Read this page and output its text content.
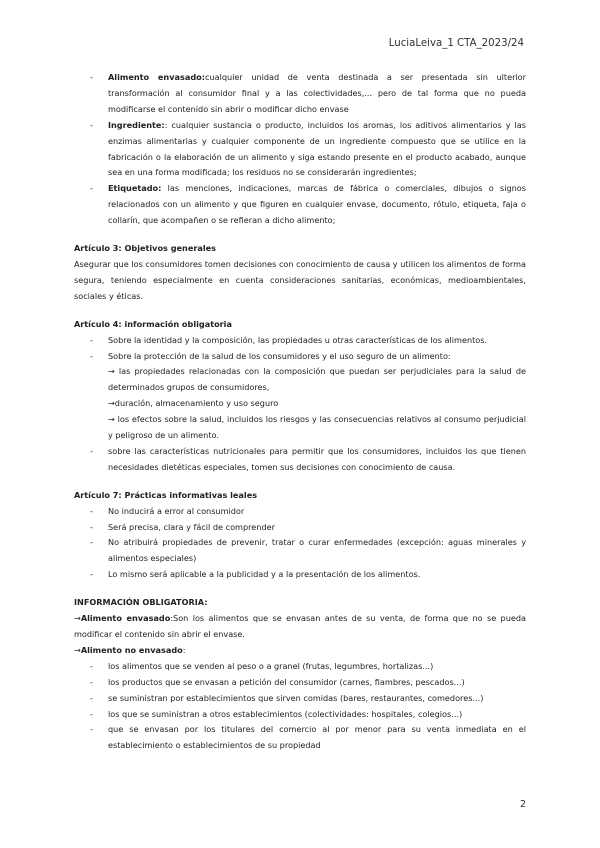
LuciaLeiva_1 CTA_2023/24
- Alimento envasado:cualquier unidad de venta destinada a ser presentada sin ulterior transformación al consumidor final y a las colectividades,... pero de tal forma que no pueda modificarse el contenido sin abrir o modificar dicho envase
- Ingrediente:: cualquier sustancia o producto, incluidos los aromas, los aditivos alimentarios y las enzimas alimentarias y cualquier componente de un ingrediente compuesto que se utilice en la fabricación o la elaboración de un alimento y siga estando presente en el producto acabado, aunque sea en una forma modificada; los residuos no se considerarán ingredientes;
- Etiquetado: las menciones, indicaciones, marcas de fábrica o comerciales, dibujos o signos relacionados con un alimento y que figuren en cualquier envase, documento, rótulo, etiqueta, faja o collarín, que acompañen o se refieran a dicho alimento;

Artículo 3: Objetivos generales

Asegurar que los consumidores tomen decisiones con conocimiento de causa y utilicen los alimentos de forma segura, teniendo especialmente en cuenta consideraciones sanitarias, económicas, medioambientales, sociales y éticas.

Artículo 4: información obligatoria

- Sobre la identidad y la composición, las propiedades u otras características de los alimentos.
- Sobre la protección de la salud de los consumidores y el uso seguro de un alimento:
→ las propiedades relacionadas con la composición que puedan ser perjudiciales para la salud de determinados grupos de consumidores,
→duración, almacenamiento y uso seguro
→ los efectos sobre la salud, incluidos los riesgos y las consecuencias relativos al consumo perjudicial y peligroso de un alimento.
- sobre las características nutricionales para permitir que los consumidores, incluidos los que tienen necesidades dietéticas especiales, tomen sus decisiones con conocimiento de causa.

Artículo 7: Prácticas informativas leales

- No inducirá a error al consumidor
- Será precisa, clara y fácil de comprender
- No atribuirá propiedades de prevenir, tratar o curar enfermedades (excepción: aguas minerales y alimentos especiales)
- Lo mismo será aplicable a la publicidad y a la presentación de los alimentos.

INFORMACIÓN OBLIGATORIA:

→Alimento envasado:Son los alimentos que se envasan antes de su venta, de forma que no se pueda modificar el contenido sin abrir el envase.

→Alimento no envasado:

- los alimentos que se venden al peso o a granel (frutas, legumbres, hortalizas...)
- los productos que se envasan a petición del consumidor (carnes, fiambres, pescados...)
- se suministran por establecimientos que sirven comidas (bares, restaurantes, comedores...)
- los que se suministran a otros establecimientos (colectividades: hospitales, colegios...)
- que se envasan por los titulares del comercio al por menor para su venta inmediata en el establecimiento o establecimientos de su propiedad
2
